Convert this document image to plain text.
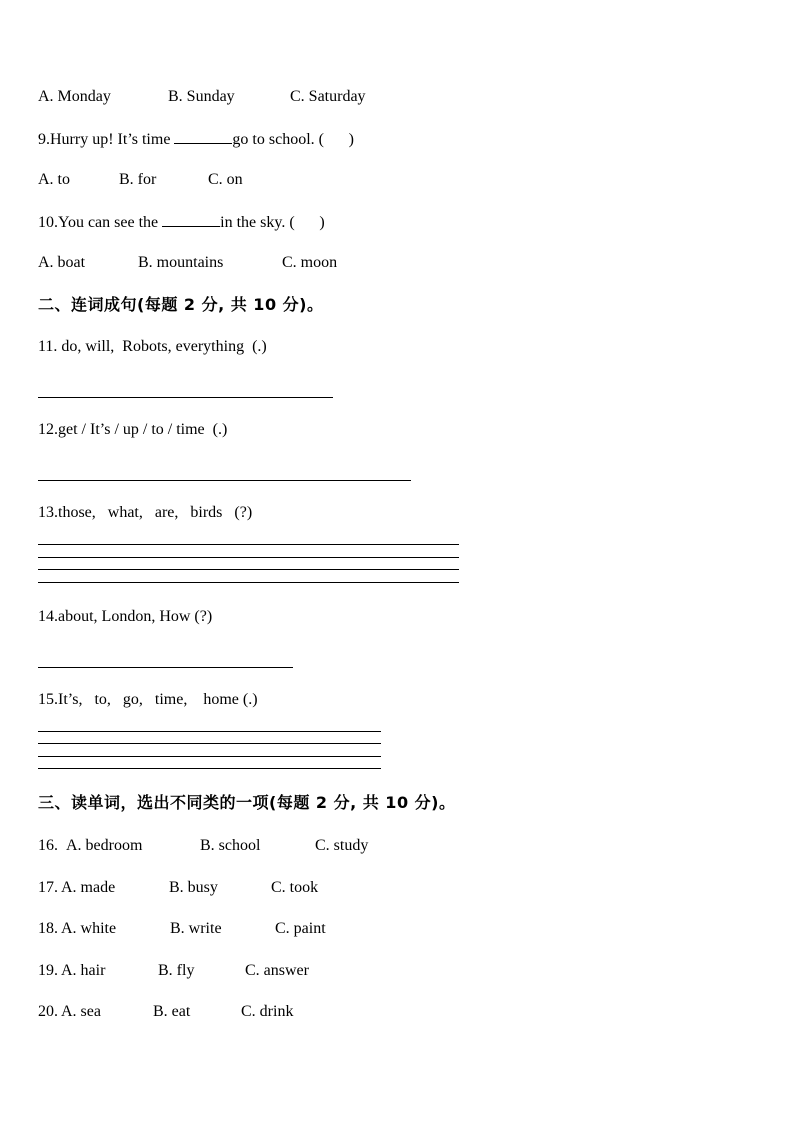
A. Monday

	B. Sunday

	C. Saturday

9.Hurry up! It’s time	go to school. ( )

A. to

	B. for

	C. on

10.You can see the	in the sky. ( )

A. boat

	B. mountains

	C. moon

二、连词成句(每题 2 分, 共 10 分)。
11. do, will,  Robots, everything  (.)
12.get / It’s / up / to / time  (.)
13.those,   what,   are,   birds   (?)
14.about, London, How (?)
15.It’s,   to,   go,   time,    home (.)
三、读单词，选出不同类的一项(每题 2 分, 共 10 分)。

16.

A. bedroom

	B. school

	C. study

17.

A. made

	B. busy

	C. took

18.

A. white

	B. write

	C. paint

19.

A. hair

	B. fly

	C. answer

20.

A. sea

	B. eat

	C. drink
